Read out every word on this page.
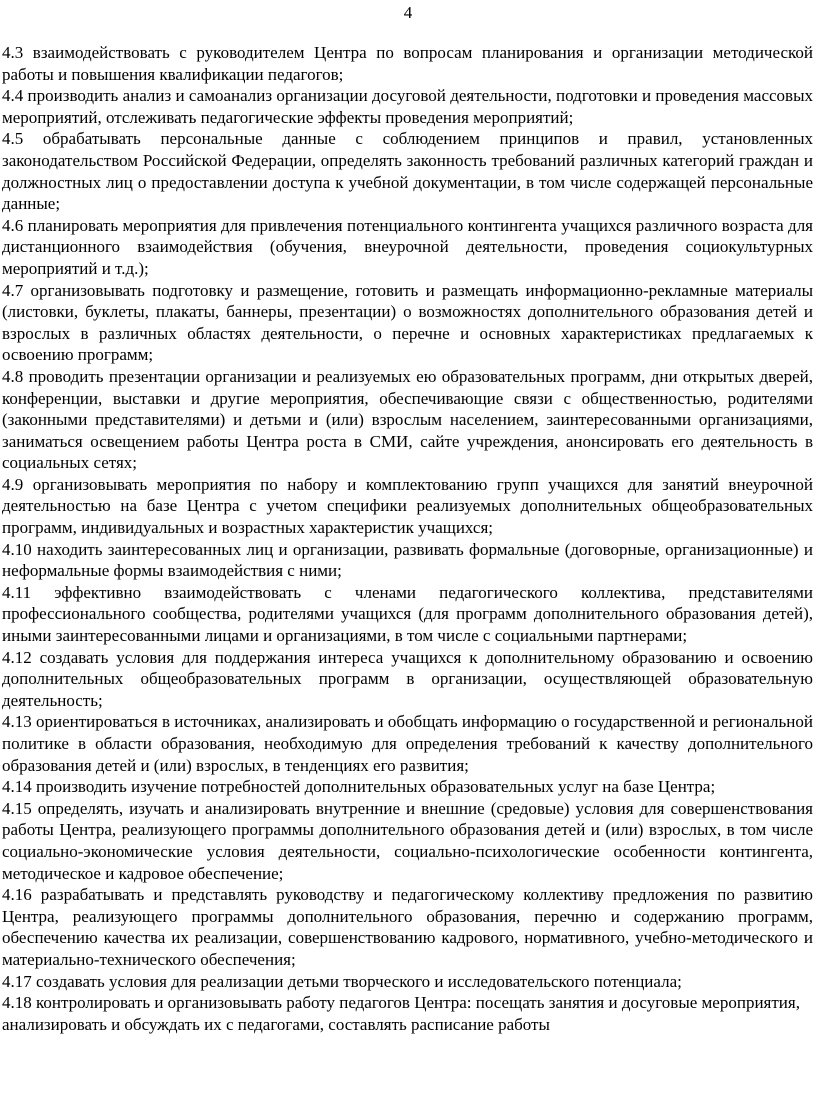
4

4.3 взаимодействовать с руководителем Центра по вопросам планирования и организации методической работы и повышения квалификации педагогов;

4.4 производить анализ и самоанализ организации досуговой деятельности, подготовки и проведения массовых мероприятий, отслеживать педагогические эффекты проведения мероприятий;

4.5 обрабатывать персональные данные с соблюдением принципов и правил, установленных законодательством Российской Федерации, определять законность требований различных категорий граждан и должностных лиц о предоставлении доступа к учебной документации, в том числе содержащей персональные данные;

4.6 планировать мероприятия для привлечения потенциального контингента учащихся различного возраста для дистанционного взаимодействия (обучения, внеурочной деятельности, проведения социокультурных мероприятий и т.д.);

4.7 организовывать подготовку и размещение, готовить и размещать информационно-рекламные материалы (листовки, буклеты, плакаты, баннеры, презентации) о возможностях дополнительного образования детей и взрослых в различных областях деятельности, о перечне и основных характеристиках предлагаемых к освоению программ;

4.8 проводить презентации организации и реализуемых ею образовательных программ, дни открытых дверей, конференции, выставки и другие мероприятия, обеспечивающие связи с общественностью, родителями (законными представителями) и детьми и (или) взрослым населением, заинтересованными организациями, заниматься освещением работы Центра роста в СМИ, сайте учреждения, анонсировать его деятельность в социальных сетях;

4.9 организовывать мероприятия по набору и комплектованию групп учащихся для занятий внеурочной деятельностью на базе Центра с учетом специфики реализуемых дополнительных общеобразовательных программ, индивидуальных и возрастных характеристик учащихся;

4.10 находить заинтересованных лиц и организации, развивать формальные (договорные, организационные) и неформальные формы взаимодействия с ними;

4.11 эффективно взаимодействовать с членами педагогического коллектива, представителями профессионального сообщества, родителями учащихся (для программ дополнительного образования детей), иными заинтересованными лицами и организациями, в том числе с социальными партнерами;

4.12 создавать условия для поддержания интереса учащихся к дополнительному образованию и освоению дополнительных общеобразовательных программ в организации, осуществляющей образовательную деятельность;

4.13 ориентироваться в источниках, анализировать и обобщать информацию о государственной и региональной политике в области образования, необходимую для определения требований к качеству дополнительного образования детей и (или) взрослых, в тенденциях его развития;

4.14 производить изучение потребностей дополнительных образовательных услуг на базе Центра;

4.15 определять, изучать и анализировать внутренние и внешние (средовые) условия для совершенствования работы Центра, реализующего программы дополнительного образования детей и (или) взрослых, в том числе социально-экономические условия деятельности, социально-психологические особенности контингента, методическое и кадровое обеспечение;

4.16 разрабатывать и представлять руководству и педагогическому коллективу предложения по развитию Центра, реализующего программы дополнительного образования, перечню и содержанию программ, обеспечению качества их реализации, совершенствованию кадрового, нормативного, учебно-методического и материально-технического обеспечения;

4.17 создавать условия для реализации детьми творческого и исследовательского потенциала;

4.18 контролировать и организовывать работу педагогов Центра: посещать занятия и досуговые мероприятия, анализировать и обсуждать их с педагогами, составлять расписание работы
